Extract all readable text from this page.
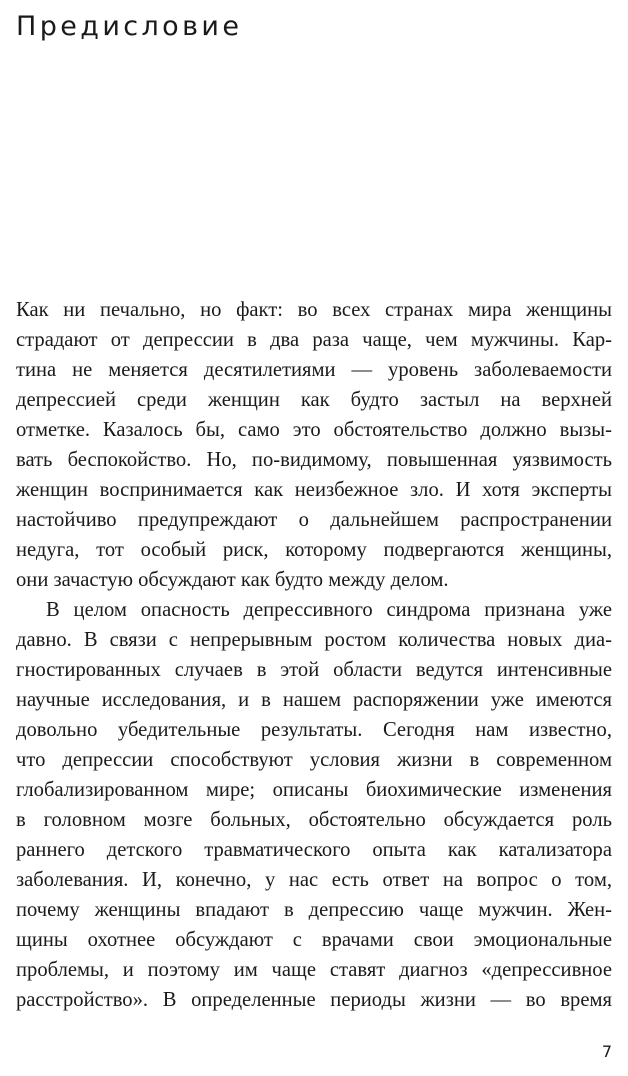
Предисловие
Как ни печально, но факт: во всех странах мира женщины
страдают от депрессии в два раза чаще, чем мужчины. Кар-
тина не меняется десятилетиями — уровень заболеваемости
депрессией среди женщин как будто застыл на верхней
отметке. Казалось бы, само это обстоятельство должно вызы-
вать беспокойство. Но, по-видимому, повышенная уязвимость
женщин воспринимается как неизбежное зло. И хотя эксперты
настойчиво предупреждают о дальнейшем распространении
недуга, тот особый риск, которому подвергаются женщины,
они зачастую обсуждают как будто между делом.
В целом опасность депрессивного синдрома признана уже
давно. В связи с непрерывным ростом количества новых диа-
гностированных случаев в этой области ведутся интенсивные
научные исследования, и в нашем распоряжении уже имеются
довольно убедительные результаты. Сегодня нам известно,
что депрессии способствуют условия жизни в современном
глобализированном мире; описаны биохимические изменения
в головном мозге больных, обстоятельно обсуждается роль
раннего детского травматического опыта как катализатора
заболевания. И, конечно, у нас есть ответ на вопрос о том,
почему женщины впадают в депрессию чаще мужчин. Жен-
щины охотнее обсуждают с врачами свои эмоциональные
проблемы, и поэтому им чаще ставят диагноз «депрессивное
расстройство». В определенные периоды жизни — во время
7
